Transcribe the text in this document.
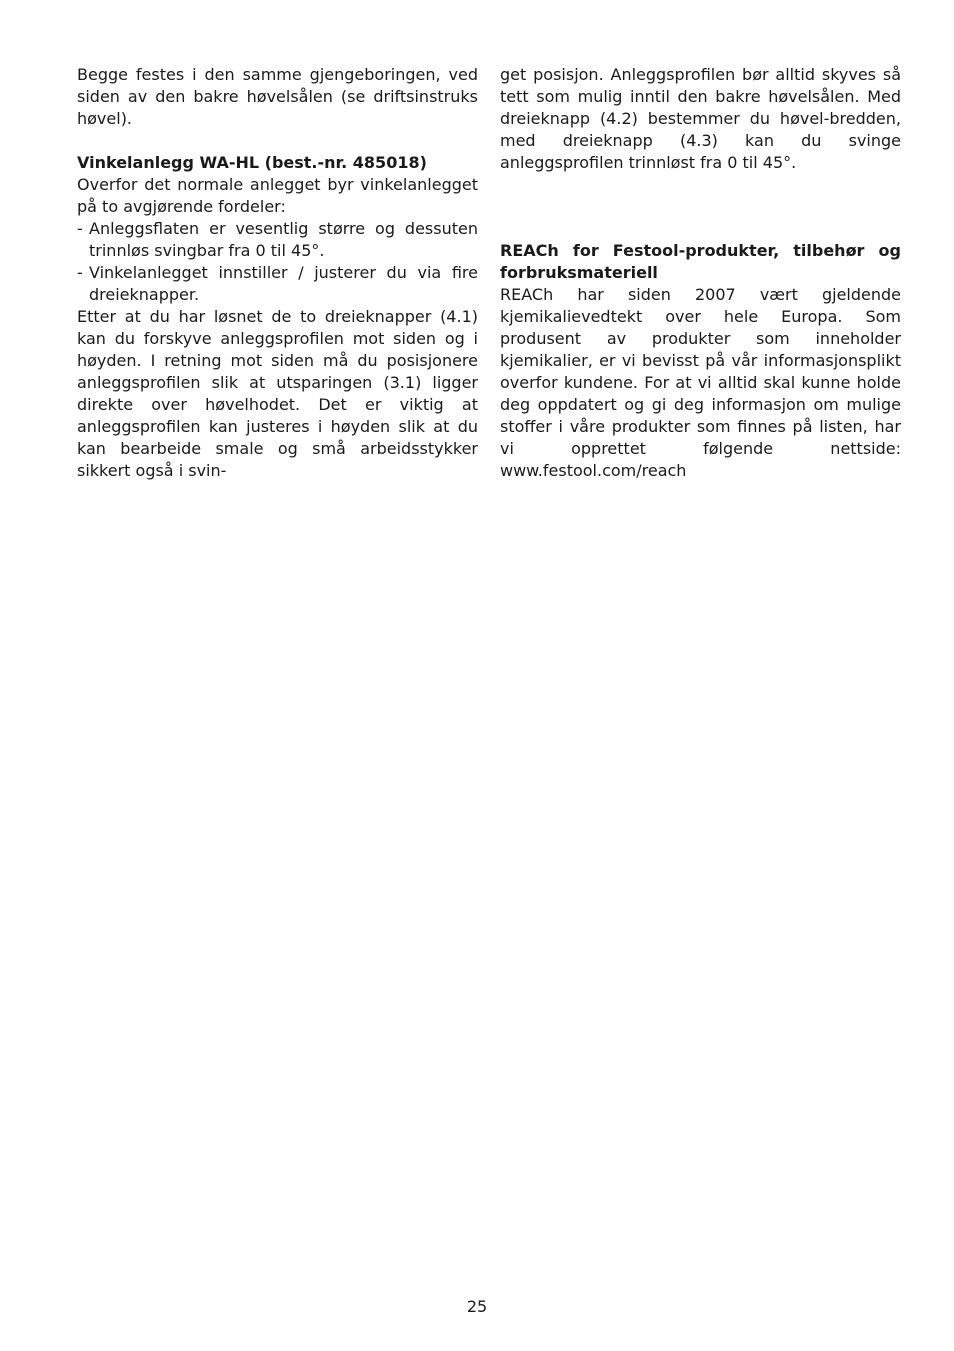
Begge festes i den samme gjengeboringen, ved siden av den bakre høvelsålen (se driftsinstruks høvel).

Vinkelanlegg WA-HL (best.-nr. 485018)

Overfor det normale anlegget byr vinkelanlegget på to avgjørende fordeler:

- Anleggsflaten er vesentlig større og dessuten trinnløs svingbar fra 0 til 45°.
- Vinkelanlegget innstiller / justerer du via fire dreieknapper.

Etter at du har løsnet de to dreieknapper (4.1) kan du forskyve anleggsprofilen mot siden og i høyden. I retning mot siden må du posisjonere anleggsprofilen slik at utsparingen (3.1) ligger direkte over høvelhodet. Det er viktig at anleggsprofilen kan justeres i høyden slik at du kan bearbeide smale og små arbeidsstykker sikkert også i svin-

get posisjon. Anleggsprofilen bør alltid skyves så tett som mulig inntil den bakre høvelsålen. Med dreieknapp (4.2) bestemmer du høvel-bredden, med dreieknapp (4.3) kan du svinge anleggsprofilen trinnløst fra 0 til 45°.

REACh for Festool-produkter, tilbehør og forbruksmateriell

REACh har siden 2007 vært gjeldende kjemikalievedtekt over hele Europa. Som produsent av produkter som inneholder kjemikalier, er vi bevisst på vår informasjonsplikt overfor kundene. For at vi alltid skal kunne holde deg oppdatert og gi deg informasjon om mulige stoffer i våre produkter som finnes på listen, har vi opprettet følgende nettside: www.festool.com/reach

25
